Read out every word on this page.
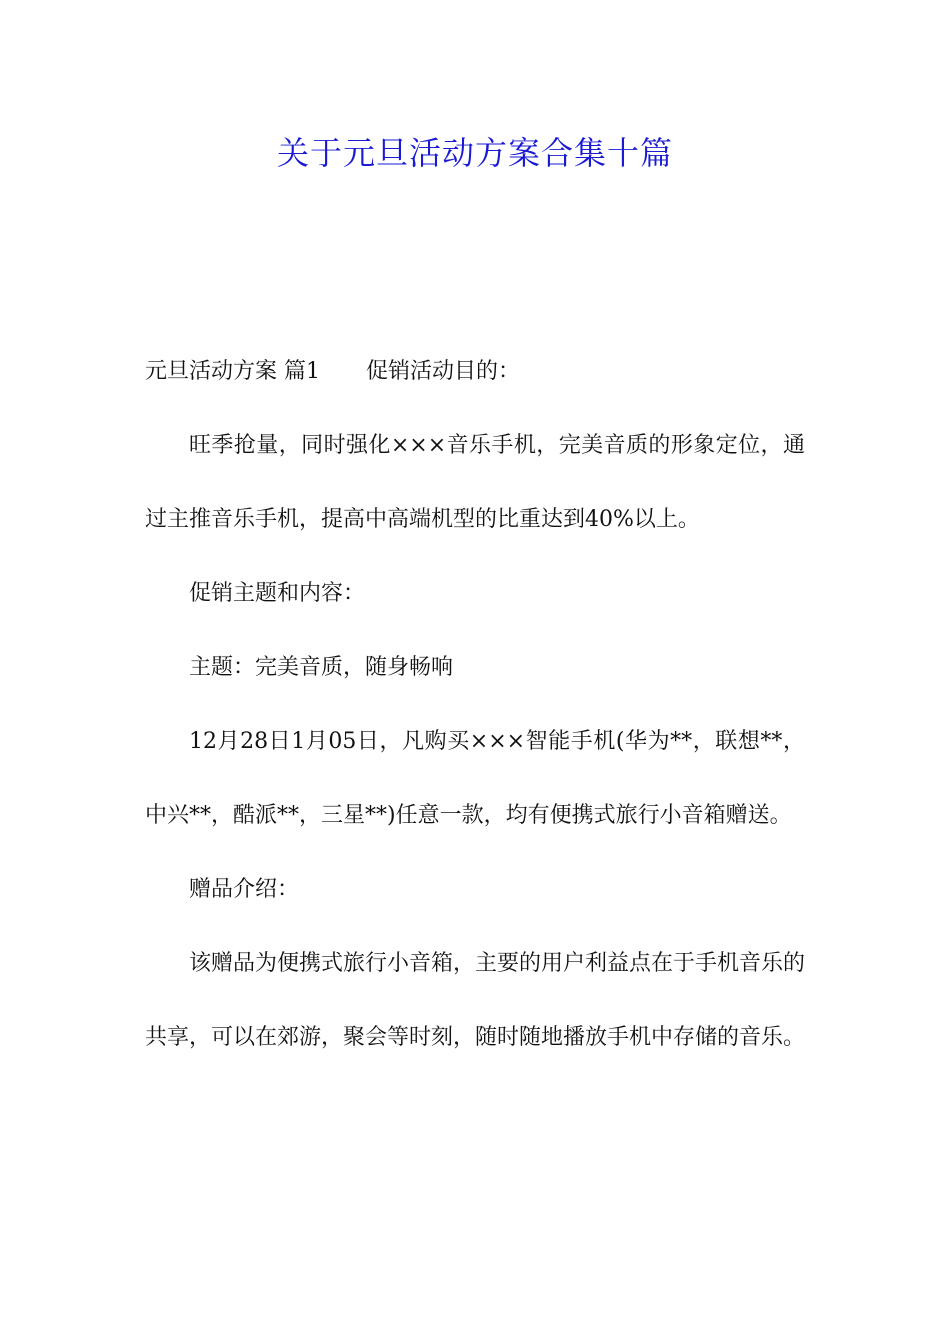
关于元旦活动方案合集十篇

元旦活动方案 篇1 促销活动目的：

旺季抢量，同时强化×××音乐手机，完美音质的形象定位，通过主推音乐手机，提高中高端机型的比重达到40%以上。

促销主题和内容：

主题：完美音质，随身畅响

12月28日1月05日，凡购买×××智能手机(华为**，联想**，中兴**，酷派**，三星**)任意一款，均有便携式旅行小音箱赠送。

赠品介绍：

该赠品为便携式旅行小音箱，主要的用户利益点在于手机音乐的共享，可以在郊游，聚会等时刻，随时随地播放手机中存储的音乐。
